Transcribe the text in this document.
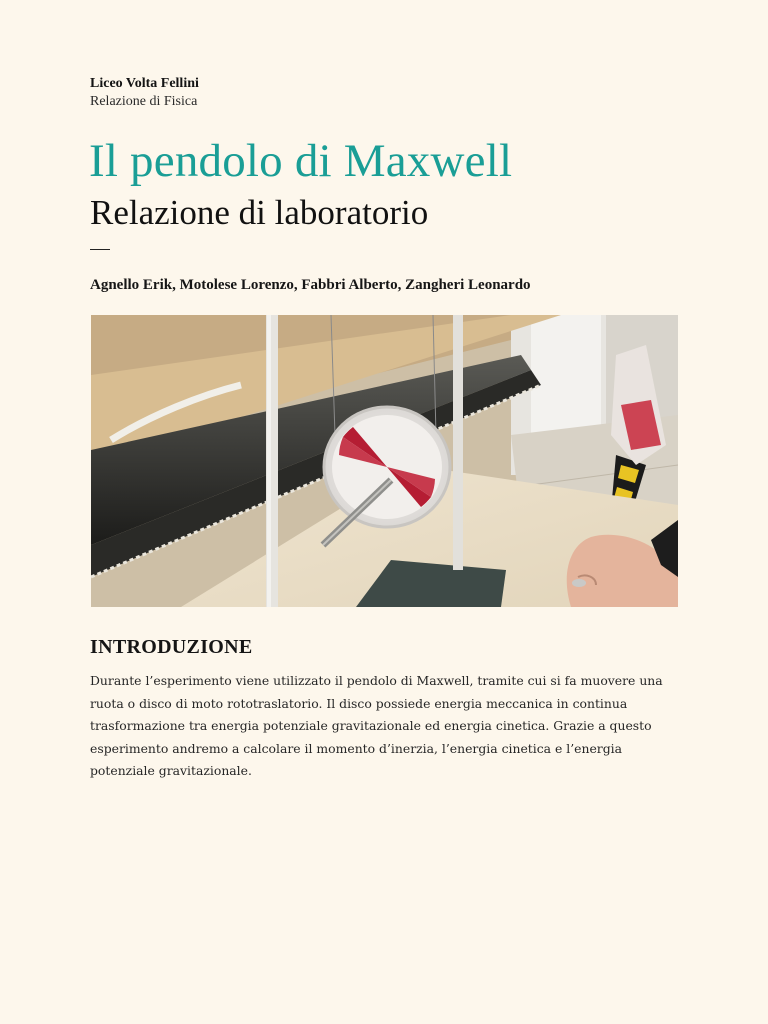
Liceo Volta Fellini
Relazione di Fisica
Il pendolo di Maxwell
Relazione di laboratorio
Agnello Erik, Motolese Lorenzo, Fabbri Alberto, Zangheri Leonardo
INTRODUZIONE
Durante l’esperimento viene utilizzato il pendolo di Maxwell, tramite cui si fa muovere una ruota o disco di moto rototraslatorio. Il disco possiede energia meccanica in continua trasformazione tra energia potenziale gravitazionale ed energia cinetica. Grazie a questo esperimento andremo a calcolare il momento d’inerzia, l’energia cinetica e l’energia potenziale gravitazionale.
